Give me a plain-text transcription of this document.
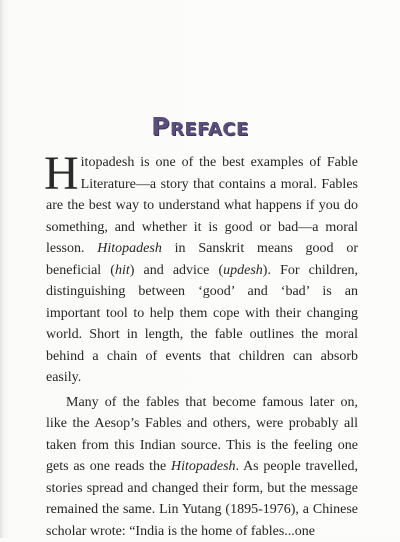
Preface

Hitopadesh is one of the best examples of Fable Literature—a story that contains a moral. Fables are the best way to understand what happens if you do something, and whether it is good or bad—a moral lesson. Hitopadesh in Sanskrit means good or beneficial (hit) and advice (updesh). For children, distinguishing between ‘good’ and ‘bad’ is an important tool to help them cope with their changing world. Short in length, the fable outlines the moral behind a chain of events that children can absorb easily.

Many of the fables that become famous later on, like the Aesop’s Fables and others, were probably all taken from this Indian source. This is the feeling one gets as one reads the Hitopadesh. As people travelled, stories spread and changed their form, but the message remained the same. Lin Yutang (1895-1976), a Chinese scholar wrote: “India is the home of fables...one
